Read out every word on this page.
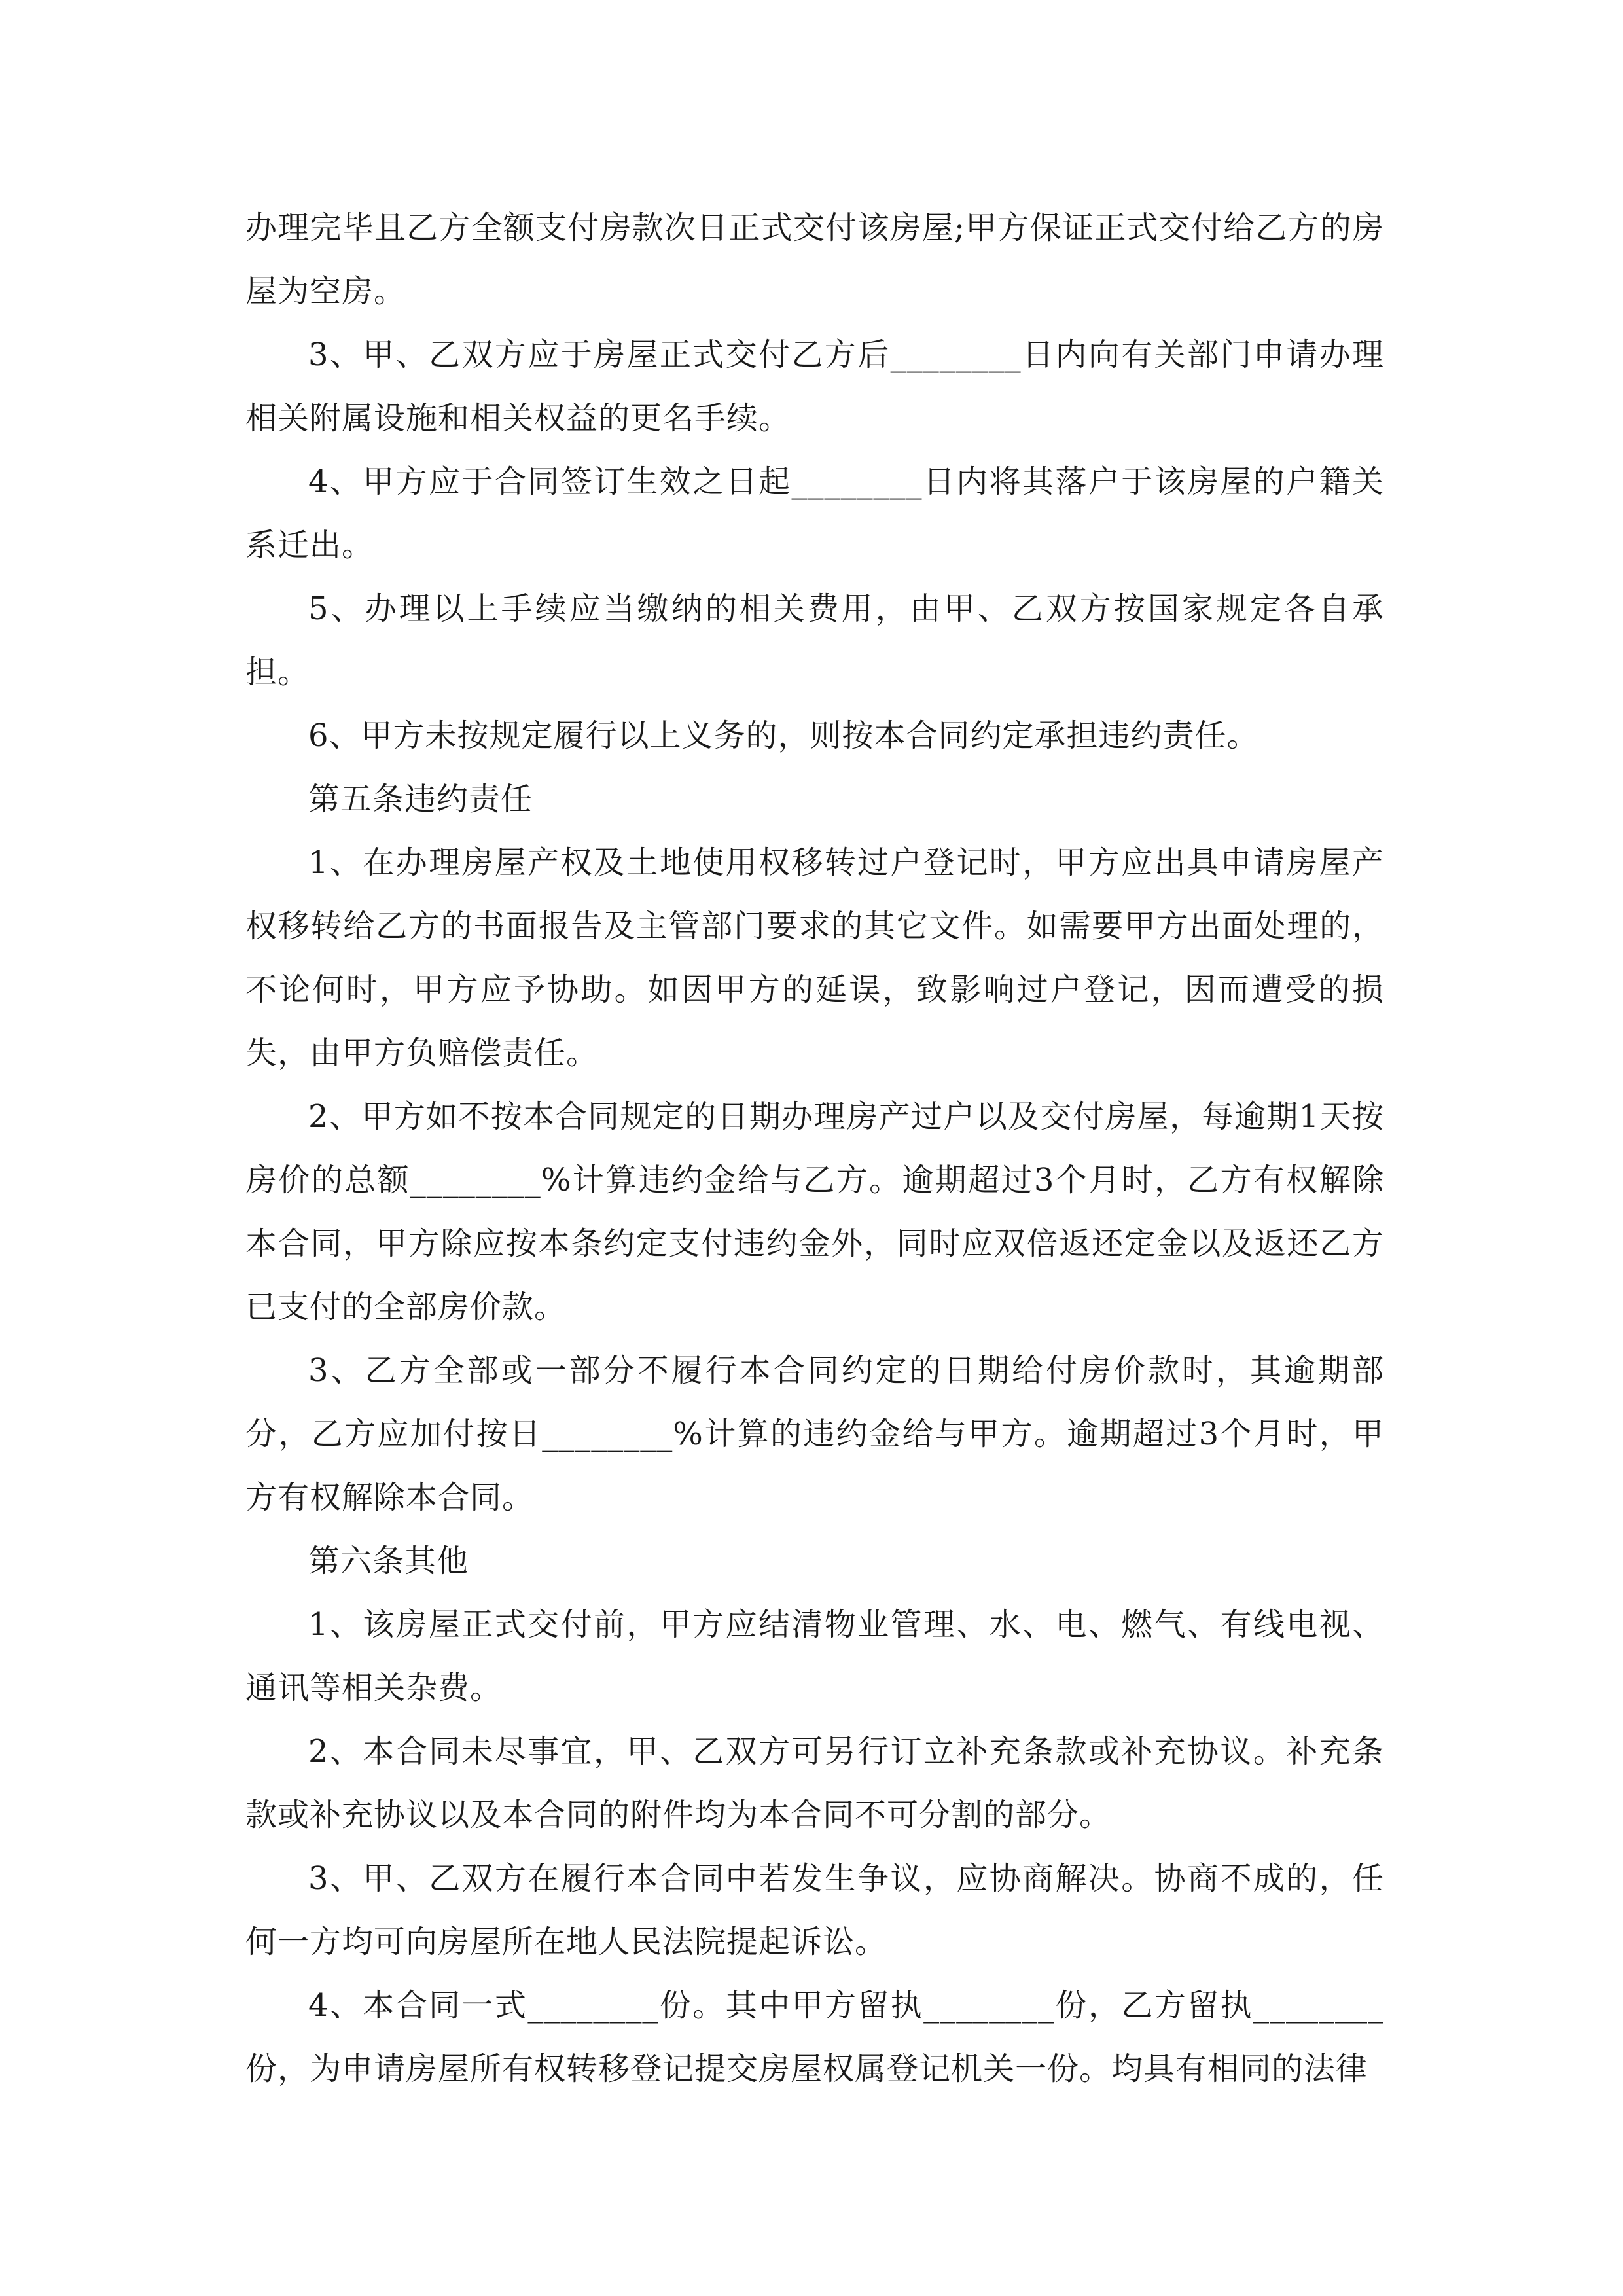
办理完毕且乙方全额支付房款次日正式交付该房屋;甲方保证正式交付给乙方的房屋为空房。

3、甲、乙双方应于房屋正式交付乙方后________日内向有关部门申请办理相关附属设施和相关权益的更名手续。

4、甲方应于合同签订生效之日起________日内将其落户于该房屋的户籍关系迁出。

5、办理以上手续应当缴纳的相关费用，由甲、乙双方按国家规定各自承担。

6、甲方未按规定履行以上义务的，则按本合同约定承担违约责任。

第五条违约责任

1、在办理房屋产权及土地使用权移转过户登记时，甲方应出具申请房屋产权移转给乙方的书面报告及主管部门要求的其它文件。如需要甲方出面处理的，不论何时，甲方应予协助。如因甲方的延误，致影响过户登记，因而遭受的损失，由甲方负赔偿责任。

2、甲方如不按本合同规定的日期办理房产过户以及交付房屋，每逾期1天按房价的总额________%计算违约金给与乙方。逾期超过3个月时，乙方有权解除本合同，甲方除应按本条约定支付违约金外，同时应双倍返还定金以及返还乙方已支付的全部房价款。

3、乙方全部或一部分不履行本合同约定的日期给付房价款时，其逾期部分，乙方应加付按日________%计算的违约金给与甲方。逾期超过3个月时，甲方有权解除本合同。

第六条其他

1、该房屋正式交付前，甲方应结清物业管理、水、电、燃气、有线电视、通讯等相关杂费。

2、本合同未尽事宜，甲、乙双方可另行订立补充条款或补充协议。补充条款或补充协议以及本合同的附件均为本合同不可分割的部分。

3、甲、乙双方在履行本合同中若发生争议，应协商解决。协商不成的，任何一方均可向房屋所在地人民法院提起诉讼。

4、本合同一式________份。其中甲方留执________份，乙方留执________份，为申请房屋所有权转移登记提交房屋权属登记机关一份。均具有相同的法律
